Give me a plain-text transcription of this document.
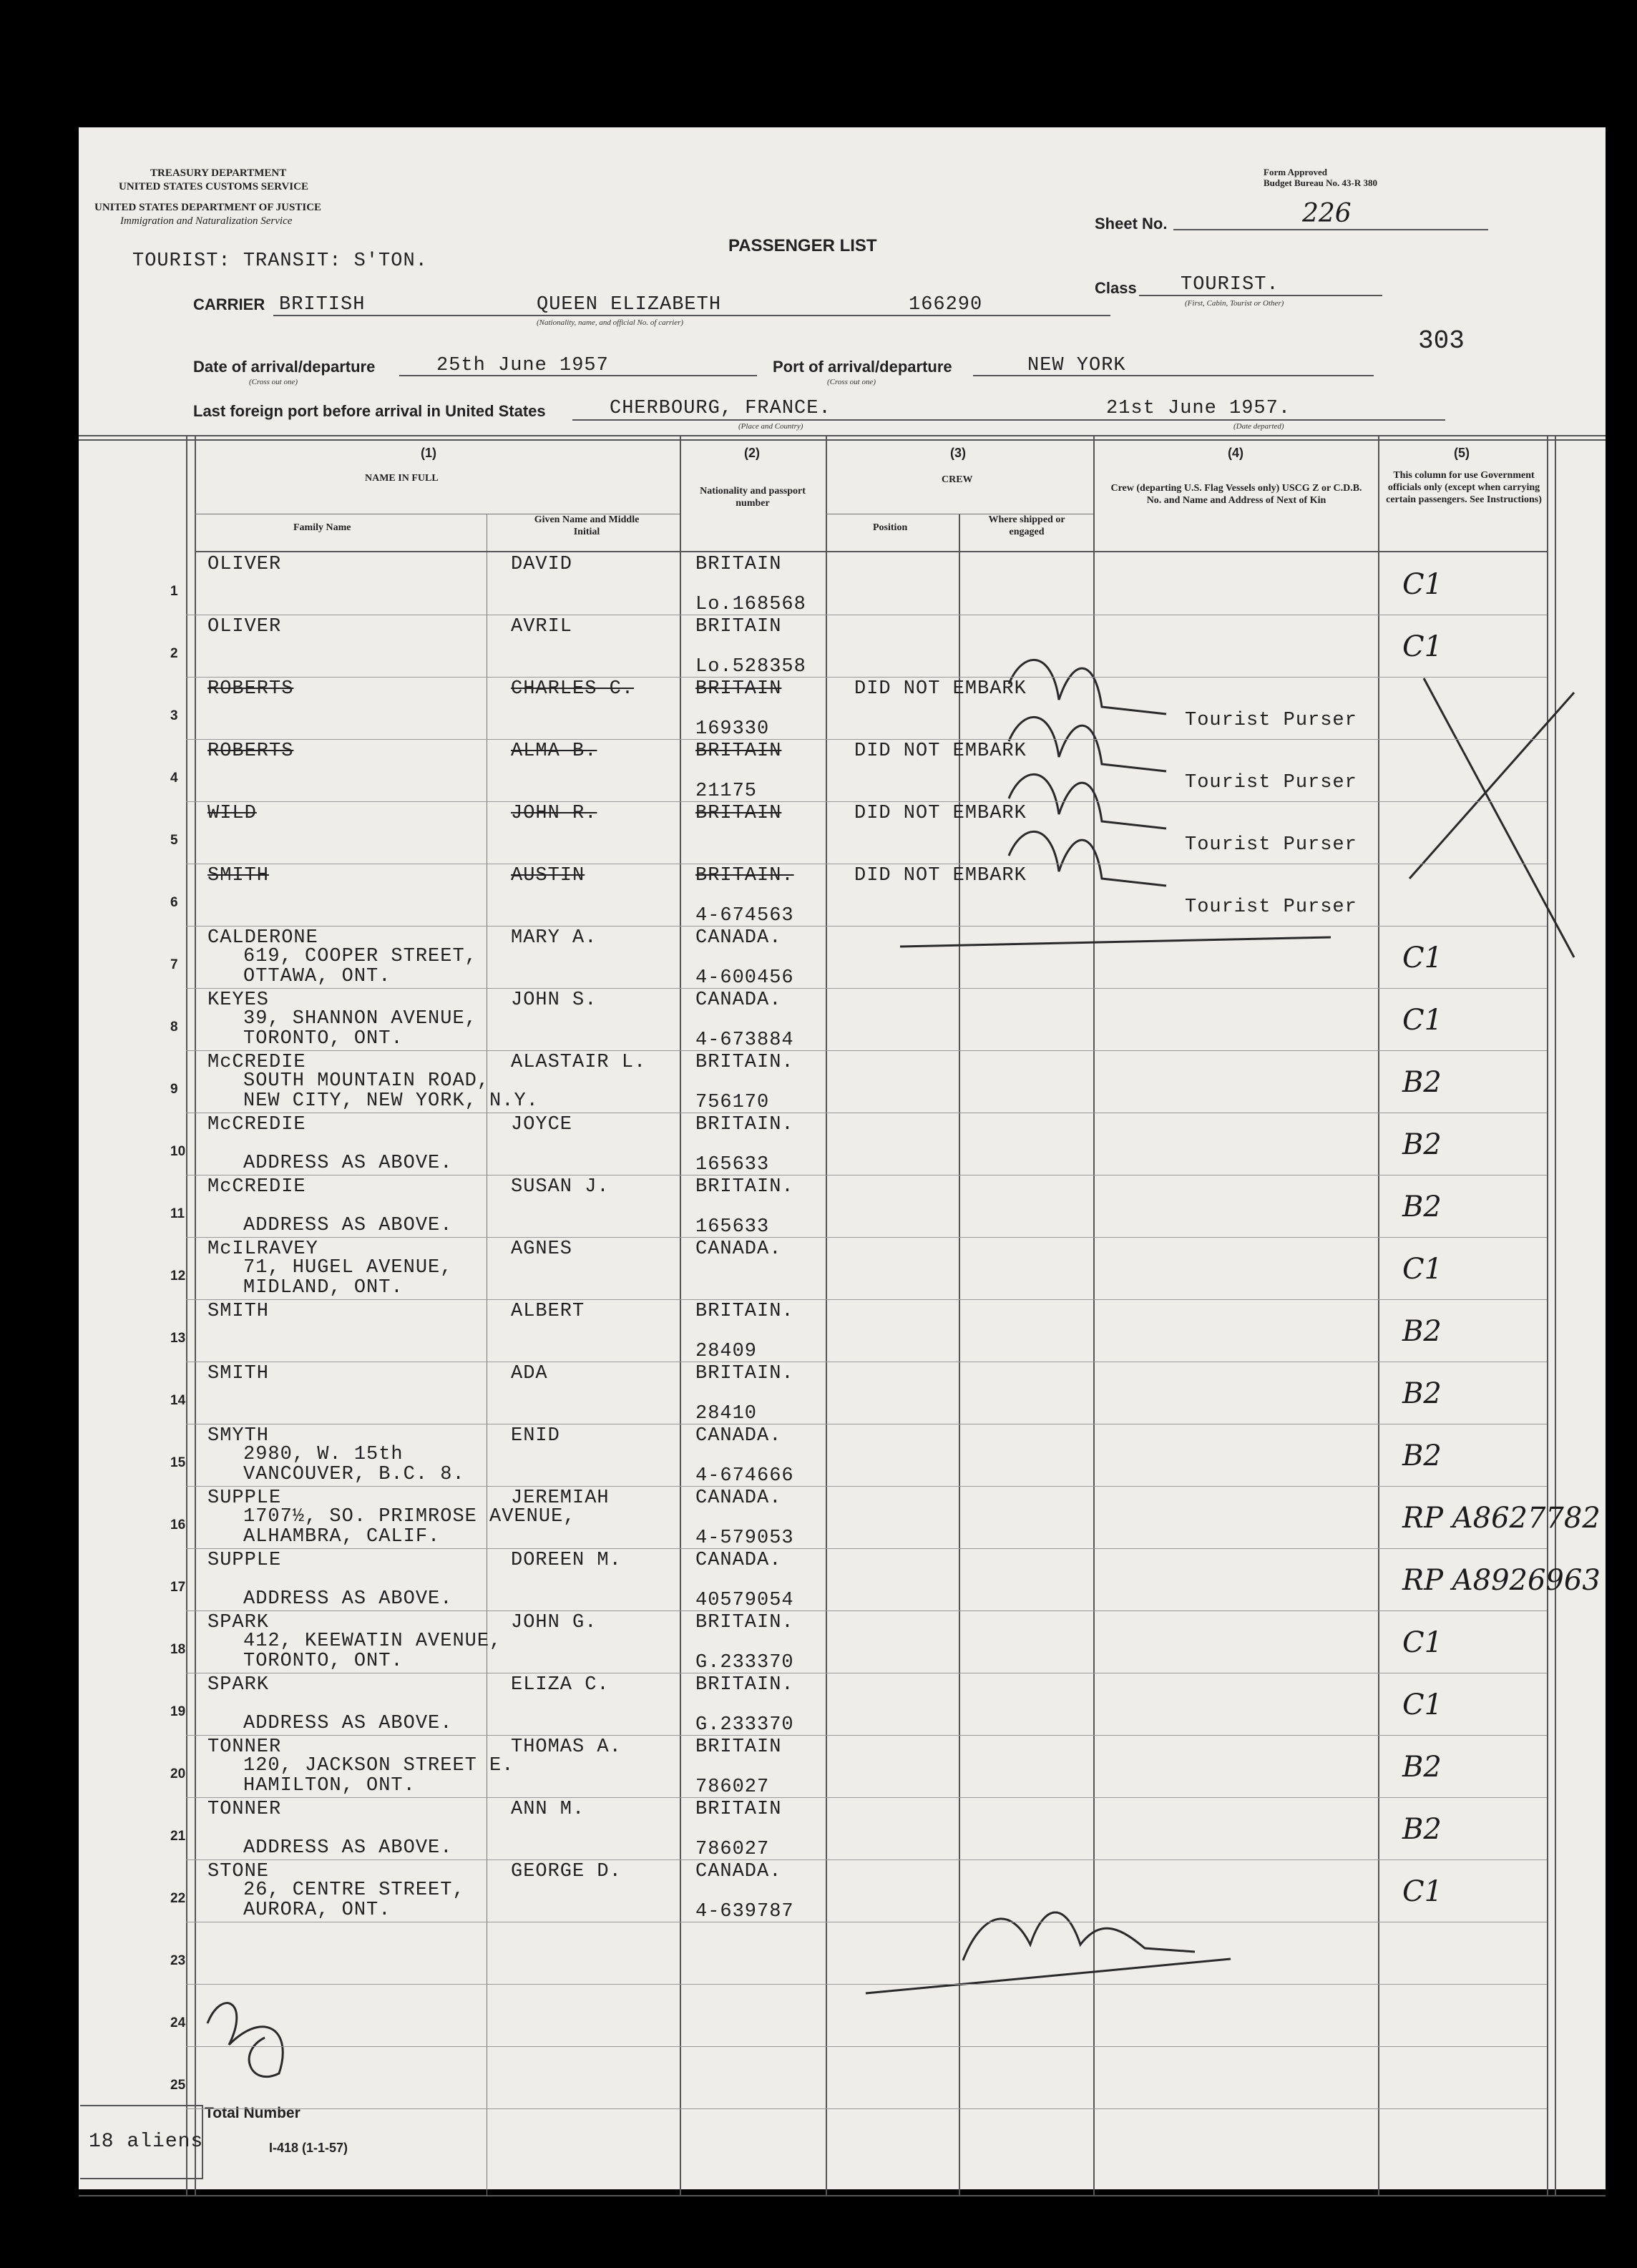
TREASURY DEPARTMENT
UNITED STATES CUSTOMS SERVICE
UNITED STATES DEPARTMENT OF JUSTICE
Immigration and Naturalization Service
Form Approved
Budget Bureau No. 43-R 380
PASSENGER LIST
TOURIST: TRANSIT: S'TON.
Sheet No.	226
Class TOURIST.
(First, Cabin, Tourist or Other)
CARRIER BRITISH	QUEEN ELIZABETH	166290
(Nationality, name, and official No. of carrier)
303
Date of arrival/departure
(Cross out one)
25th June 1957	Port of arrival/departure
(Cross out one)
NEW YORK
Last foreign port before arrival in United States	CHERBOURG, FRANCE.
(Place and Country)
21st June 1957.
(Date departed)
(1)
NAME IN FULL
Family Name
Given Name and Middle Initial
(2)
Nationality and passport number
(3)
CREW
Position
Where shipped or engaged
(4)
Crew (departing U.S. Flag Vessels only) USCG Z or C.D.B. No. and Name and Address of Next of Kin
(5)
This column for use Government officials only (except when carrying certain passengers. See Instructions)
Total Number
18 aliens	I-418 (1-1-57)
1
OLIVER	DAVID	BRITAIN
Lo.168568
C1
2
OLIVER	AVRIL	BRITAIN
Lo.528358
C1
3
ROBERTS	CHARLES C.	BRITAIN
169330
DID NOT EMBARK
Tourist Purser
4
ROBERTS	ALMA B.	BRITAIN
21175
DID NOT EMBARK
Tourist Purser
5
WILD	JOHN R.	BRITAIN	DID NOT EMBARK
Tourist Purser
6
SMITH	AUSTIN	BRITAIN.
4-674563
DID NOT EMBARK
Tourist Purser
7
CALDERONE
619, COOPER STREET,
OTTAWA, ONT.
MARY A.	CANADA.
4-600456
C1
8
KEYES
39, SHANNON AVENUE,
TORONTO, ONT.
JOHN S.	CANADA.
4-673884
C1
9
McCREDIE
SOUTH MOUNTAIN ROAD,
NEW CITY, NEW YORK, N.Y.
ALASTAIR L.	BRITAIN.
756170
B2
10
McCREDIE
ADDRESS AS ABOVE.
JOYCE	BRITAIN.
165633
B2
11
McCREDIE
ADDRESS AS ABOVE.
SUSAN J.	BRITAIN.
165633
B2
12
McILRAVEY
71, HUGEL AVENUE,
MIDLAND, ONT.
AGNES	CANADA.
C1
13
SMITH	ALBERT	BRITAIN.
28409
B2
14
SMITH	ADA	BRITAIN.
28410
B2
15
SMYTH
2980, W. 15th
VANCOUVER, B.C. 8.
ENID	CANADA.
4-674666
B2
16
SUPPLE
1707½, SO. PRIMROSE AVENUE,
ALHAMBRA, CALIF.
JEREMIAH	CANADA.
4-579053
RP A8627782
17
SUPPLE
ADDRESS AS ABOVE.
DOREEN M.	CANADA.
40579054
RP A8926963
18
SPARK
412, KEEWATIN AVENUE,
TORONTO, ONT.
JOHN G.	BRITAIN.
G.233370
C1
19
SPARK
ADDRESS AS ABOVE.
ELIZA C.	BRITAIN.
G.233370
C1
20
TONNER
120, JACKSON STREET E.
HAMILTON, ONT.
THOMAS A.	BRITAIN
786027
B2
21
TONNER
ADDRESS AS ABOVE.
ANN M.	BRITAIN
786027
B2
22
STONE
26, CENTRE STREET,
AURORA, ONT.
GEORGE D.	CANADA.
4-639787
C1
23
24
25
